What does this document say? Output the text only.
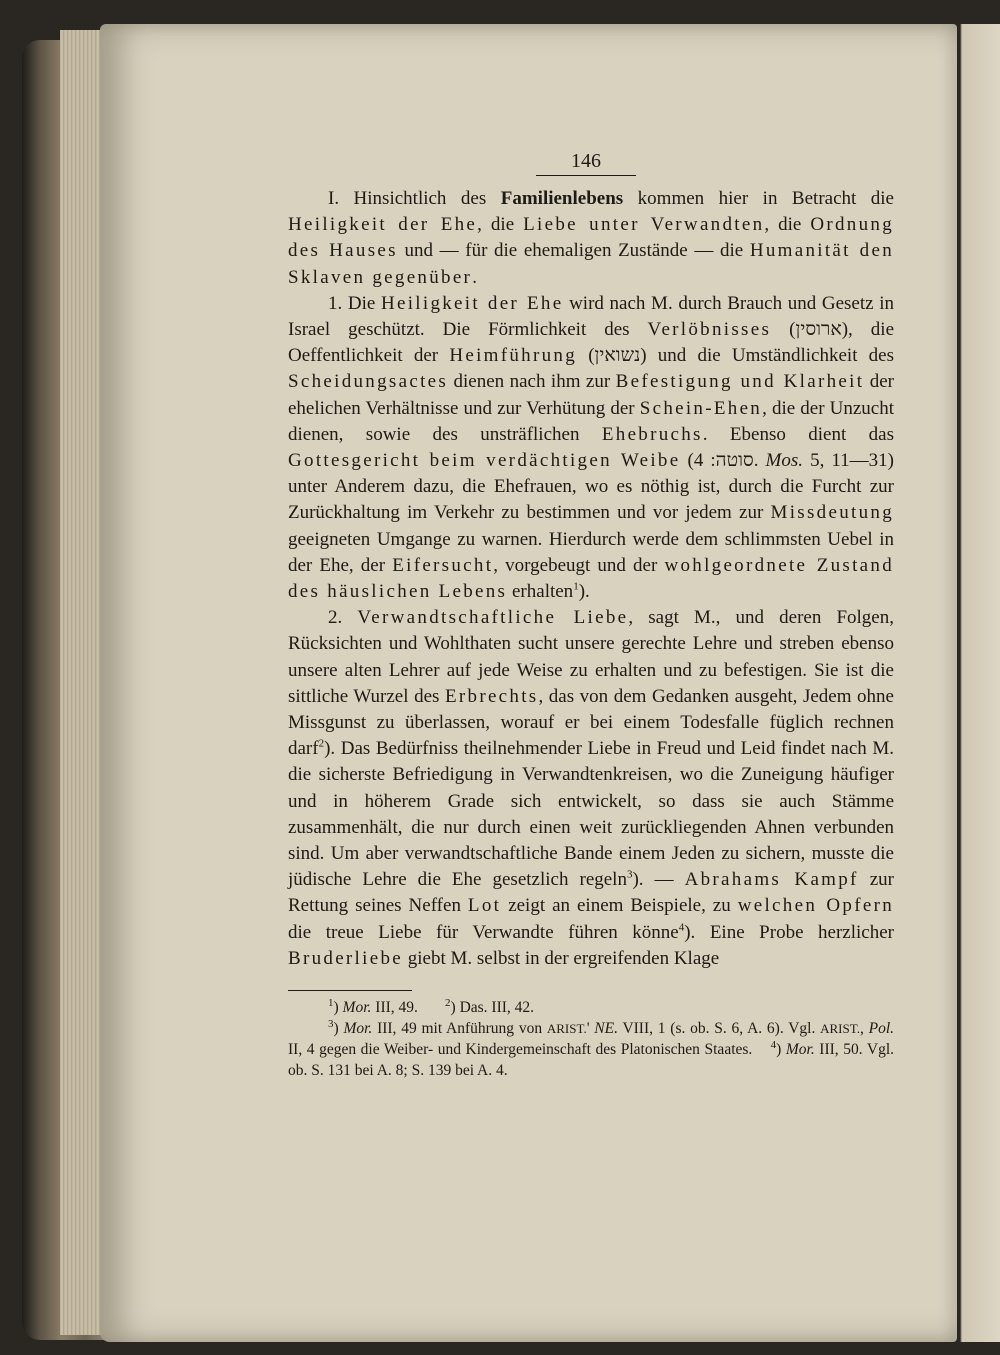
146

I. Hinsichtlich des Familienlebens kommen hier in Betracht die Heiligkeit der Ehe, die Liebe unter Verwandten, die Ordnung des Hauses und — für die ehemaligen Zustände — die Humanität den Sklaven gegenüber.

1. Die Heiligkeit der Ehe wird nach M. durch Brauch und Gesetz in Israel geschützt. Die Förmlichkeit des Verlöbnisses (ארוסין), die Oeffentlichkeit der Heimführung (נשואין) und die Umständlichkeit des Scheidungsactes dienen nach ihm zur Befestigung und Klarheit der ehelichen Verhältnisse und zur Verhütung der Schein-Ehen, die der Unzucht dienen, sowie des unsträflichen Ehebruchs. Ebenso dient das Gottesgericht beim verdächtigen Weibe (סוטה: 4. Mos. 5, 11—31) unter Anderem dazu, die Ehefrauen, wo es nöthig ist, durch die Furcht zur Zurückhaltung im Verkehr zu bestimmen und vor jedem zur Missdeutung geeigneten Umgange zu warnen. Hierdurch werde dem schlimmsten Uebel in der Ehe, der Eifersucht, vorgebeugt und der wohlgeordnete Zustand des häuslichen Lebens erhalten$^1$).

2. Verwandtschaftliche Liebe, sagt M., und deren Folgen, Rücksichten und Wohlthaten sucht unsere gerechte Lehre und streben ebenso unsere alten Lehrer auf jede Weise zu erhalten und zu befestigen. Sie ist die sittliche Wurzel des Erbrechts, das von dem Gedanken ausgeht, Jedem ohne Missgunst zu überlassen, worauf er bei einem Todesfalle füglich rechnen darf$^2$). Das Bedürfniss theilnehmender Liebe in Freud und Leid findet nach M. die sicherste Befriedigung in Verwandtenkreisen, wo die Zuneigung häufiger und in höherem Grade sich entwickelt, so dass sie auch Stämme zusammenhält, die nur durch einen weit zurückliegenden Ahnen verbunden sind. Um aber verwandtschaftliche Bande einem Jeden zu sichern, musste die jüdische Lehre die Ehe gesetzlich regeln$^3$). — Abrahams Kampf zur Rettung seines Neffen Lot zeigt an einem Beispiele, zu welchen Opfern die treue Liebe für Verwandte führen könne$^4$). Eine Probe herzlicher Bruderliebe giebt M. selbst in der ergreifenden Klage

$^1$) Mor. III, 49. $^2$) Das. III, 42.

$^3$) Mor. III, 49 mit Anführung von ARIST.' NE. VIII, 1 (s. ob. S. 6, A. 6). Vgl. ARIST., Pol. II, 4 gegen die Weiber- und Kindergemeinschaft des Platonischen Staates. $^4$) Mor. III, 50. Vgl. ob. S. 131 bei A. 8; S. 139 bei A. 4.
